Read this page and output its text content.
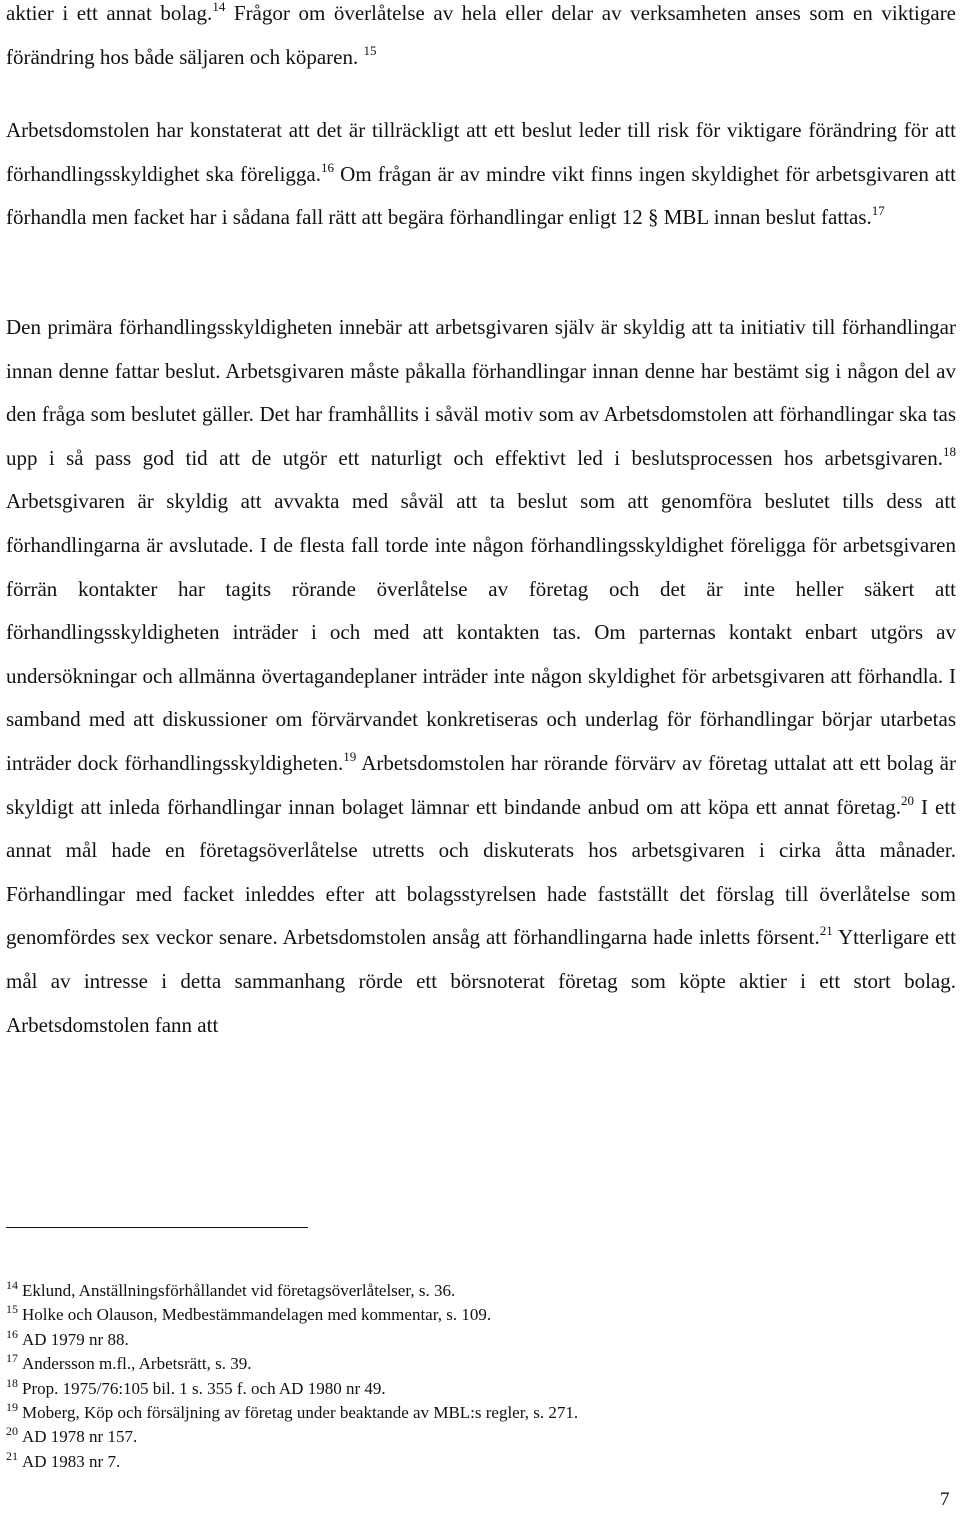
aktier i ett annat bolag.$^{14}$ Frågor om överlåtelse av hela eller delar av verksamheten anses som en viktigare förändring hos både säljaren och köparen. $^{15}$

Arbetsdomstolen har konstaterat att det är tillräckligt att ett beslut leder till risk för viktigare förändring för att förhandlingsskyldighet ska föreligga.$^{16}$ Om frågan är av mindre vikt finns ingen skyldighet för arbetsgivaren att förhandla men facket har i sådana fall rätt att begära förhandlingar enligt 12 § MBL innan beslut fattas.$^{17}$

Den primära förhandlingsskyldigheten innebär att arbetsgivaren själv är skyldig att ta initiativ till förhandlingar innan denne fattar beslut. Arbetsgivaren måste påkalla förhandlingar innan denne har bestämt sig i någon del av den fråga som beslutet gäller. Det har framhållits i såväl motiv som av Arbetsdomstolen att förhandlingar ska tas upp i så pass god tid att de utgör ett naturligt och effektivt led i beslutsprocessen hos arbetsgivaren.$^{18}$ Arbetsgivaren är skyldig att avvakta med såväl att ta beslut som att genomföra beslutet tills dess att förhandlingarna är avslutade. I de flesta fall torde inte någon förhandlingsskyldighet föreligga för arbetsgivaren förrän kontakter har tagits rörande överlåtelse av företag och det är inte heller säkert att förhandlingsskyldigheten inträder i och med att kontakten tas. Om parternas kontakt enbart utgörs av undersökningar och allmänna övertagandeplaner inträder inte någon skyldighet för arbetsgivaren att förhandla. I samband med att diskussioner om förvärvandet konkretiseras och underlag för förhandlingar börjar utarbetas inträder dock förhandlingsskyldigheten.$^{19}$ Arbetsdomstolen har rörande förvärv av företag uttalat att ett bolag är skyldigt att inleda förhandlingar innan bolaget lämnar ett bindande anbud om att köpa ett annat företag.$^{20}$ I ett annat mål hade en företagsöverlåtelse utretts och diskuterats hos arbetsgivaren i cirka åtta månader. Förhandlingar med facket inleddes efter att bolagsstyrelsen hade fastställt det förslag till överlåtelse som genomfördes sex veckor senare. Arbetsdomstolen ansåg att förhandlingarna hade inletts försent.$^{21}$ Ytterligare ett mål av intresse i detta sammanhang rörde ett börsnoterat företag som köpte aktier i ett stort bolag. Arbetsdomstolen fann att

$^{14}$ Eklund, Anställningsförhållandet vid företagsöverlåtelser, s. 36.
$^{15}$ Holke och Olauson, Medbestämmandelagen med kommentar, s. 109.
$^{16}$ AD 1979 nr 88.
$^{17}$ Andersson m.fl., Arbetsrätt, s. 39.
$^{18}$ Prop. 1975/76:105 bil. 1 s. 355 f. och AD 1980 nr 49.
$^{19}$ Moberg, Köp och försäljning av företag under beaktande av MBL:s regler, s. 271.
$^{20}$ AD 1978 nr 157.
$^{21}$ AD 1983 nr 7.
7
